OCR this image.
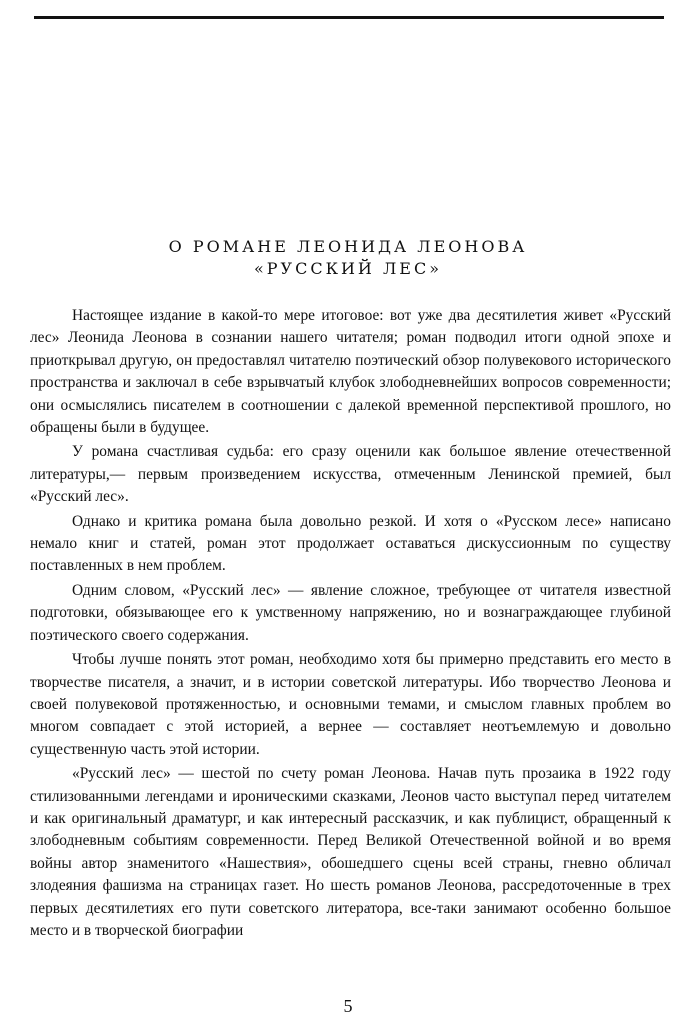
О РОМАНЕ ЛЕОНИДА ЛЕОНОВА
«РУССКИЙ ЛЕС»

Настоящее издание в какой-то мере итоговое: вот уже два десятилетия живет «Русский лес» Леонида Леонова в сознании нашего читателя; роман подводил итоги одной эпохе и приоткрывал другую, он предоставлял читателю поэтический обзор полувекового исторического пространства и заключал в себе взрывчатый клубок злободневнейших вопросов современности; они осмыслялись писателем в соотношении с далекой временной перспективой прошлого, но обращены были в будущее.

У романа счастливая судьба: его сразу оценили как большое явление отечественной литературы,— первым произведением искусства, отмеченным Ленинской премией, был «Русский лес».

Однако и критика романа была довольно резкой. И хотя о «Русском лесе» написано немало книг и статей, роман этот продолжает оставаться дискуссионным по существу поставленных в нем проблем.

Одним словом, «Русский лес» — явление сложное, требующее от читателя известной подготовки, обязывающее его к умственному напряжению, но и вознаграждающее глубиной поэтического своего содержания.

Чтобы лучше понять этот роман, необходимо хотя бы примерно представить его место в творчестве писателя, а значит, и в истории советской литературы. Ибо творчество Леонова и своей полувековой протяженностью, и основными темами, и смыслом главных проблем во многом совпадает с этой историей, а вернее — составляет неотъемлемую и довольно существенную часть этой истории.

«Русский лес» — шестой по счету роман Леонова. Начав путь прозаика в 1922 году стилизованными легендами и ироническими сказками, Леонов часто выступал перед читателем и как оригинальный драматург, и как интересный рассказчик, и как публицист, обращенный к злободневным событиям современности. Перед Великой Отечественной войной и во время войны автор знаменитого «Нашествия», обошедшего сцены всей страны, гневно обличал злодеяния фашизма на страницах газет. Но шесть романов Леонова, рассредоточенные в трех первых десятилетиях его пути советского литератора, все-таки занимают особенно большое место и в творческой биографии

5
